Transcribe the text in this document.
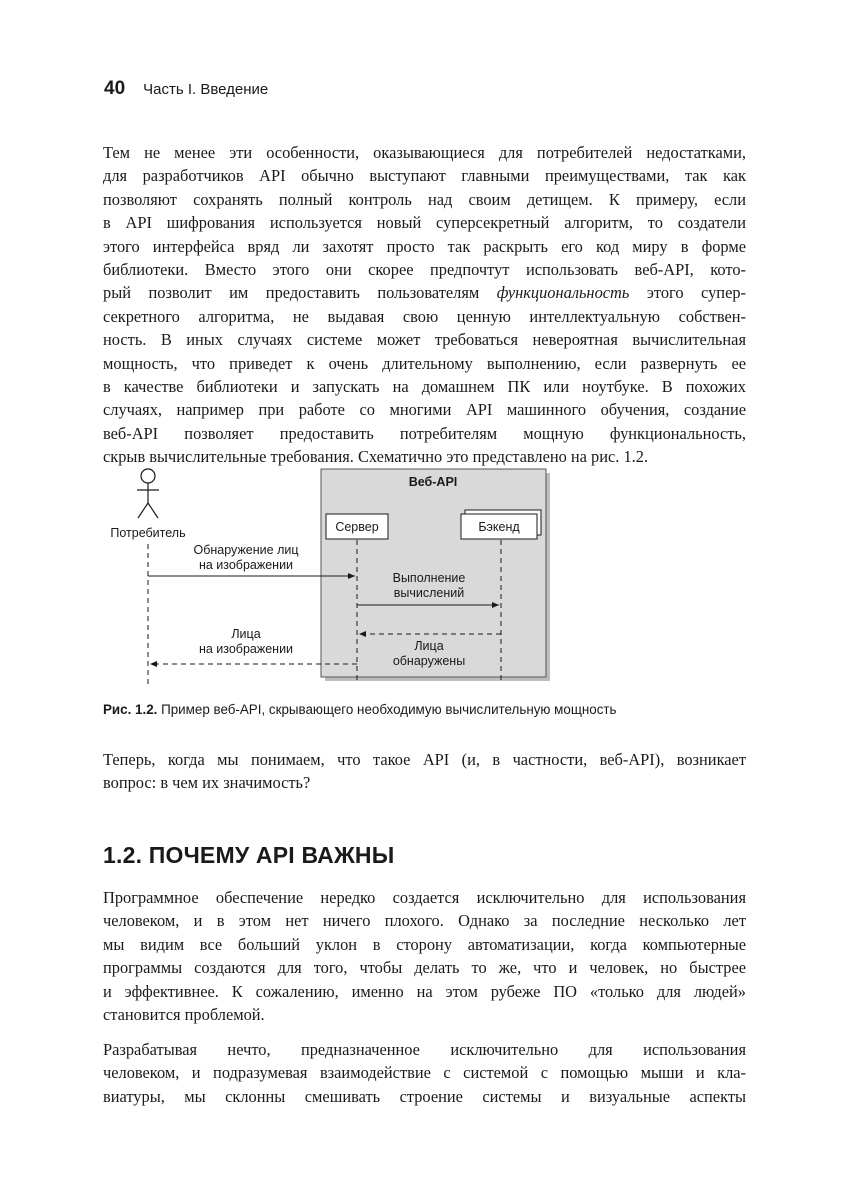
40 Часть I. Введение
Тем не менее эти особенности, оказывающиеся для потребителей недостатками,
для разработчиков API обычно выступают главными преимуществами, так как
позволяют сохранять полный контроль над своим детищем. К примеру, если
в API шифрования используется новый суперсекретный алгоритм, то создатели
этого интерфейса вряд ли захотят просто так раскрыть его код миру в форме
библиотеки. Вместо этого они скорее предпочтут использовать веб-API, кото-
рый позволит им предоставить пользователям функциональность этого супер-
секретного алгоритма, не выдавая свою ценную интеллектуальную собствен-
ность. В иных случаях системе может требоваться невероятная вычислительная
мощность, что приведет к очень длительному выполнению, если развернуть ее
в качестве библиотеки и запускать на домашнем ПК или ноутбуке. В похожих
случаях, например при работе со многими API машинного обучения, создание
веб-API позволяет предоставить потребителям мощную функциональность,
скрыв вычислительные требования. Схематично это представлено на рис. 1.2.
Веб-API
Потребитель	Сервер	Бэкенд
Обнаружение лиц
на изображении
Выполнение
вычислений
Лица
обнаружены
Лица
на изображении
Рис. 1.2. Пример веб-API, скрывающего необходимую вычислительную мощность
Теперь, когда мы понимаем, что такое API (и, в частности, веб-API), возникает
вопрос: в чем их значимость?
1.2. ПОЧЕМУ API ВАЖНЫ
Программное обеспечение нередко создается исключительно для использования
человеком, и в этом нет ничего плохого. Однако за последние несколько лет
мы видим все больший уклон в сторону автоматизации, когда компьютерные
программы создаются для того, чтобы делать то же, что и человек, но быстрее
и эффективнее. К сожалению, именно на этом рубеже ПО «только для людей»
становится проблемой.
Разрабатывая нечто, предназначенное исключительно для использования
человеком, и подразумевая взаимодействие с системой с помощью мыши и кла-
виатуры, мы склонны смешивать строение системы и визуальные аспекты
